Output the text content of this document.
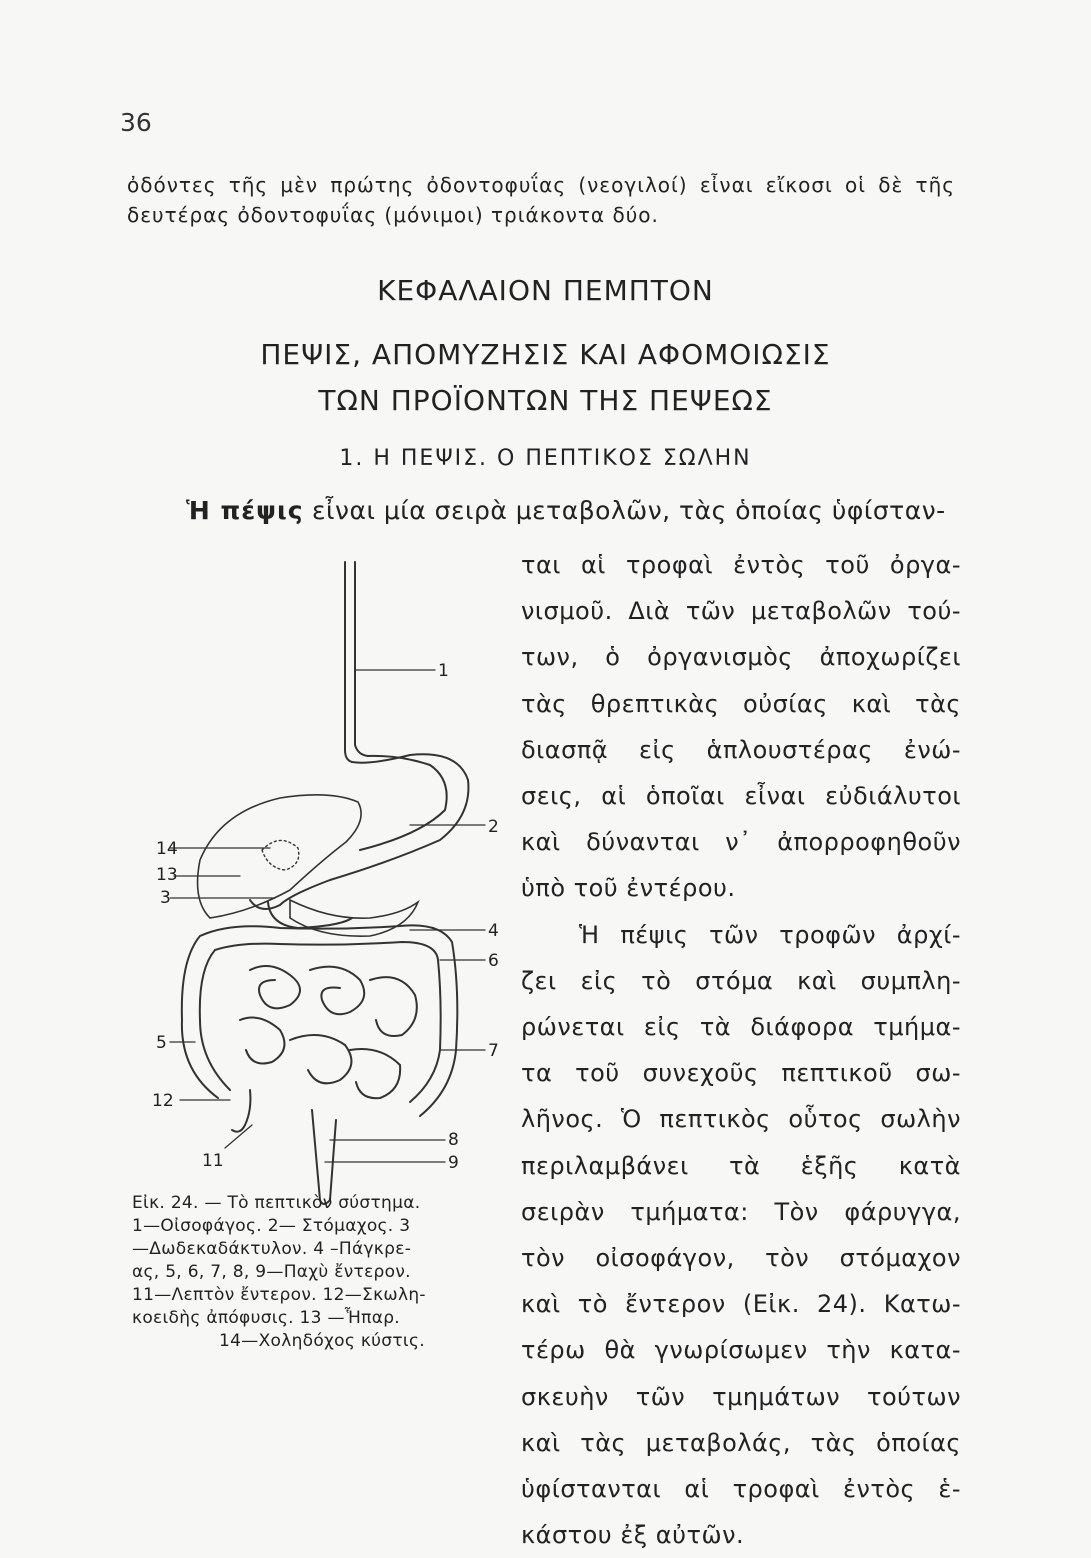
36
ὀδόντες τῆς μὲν πρώτης ὀδοντοφυΐας (νεογιλοί) εἶναι εἴκοσι οἱ δὲ τῆς δευτέρας ὀδοντοφυΐας (μόνιμοι) τριάκοντα δύο.
ΚΕΦΑΛΑΙΟΝ ΠΕΜΠΤΟΝ
ΠΕΨΙΣ, ΑΠΟΜΥΖΗΣΙΣ ΚΑΙ ΑΦΟΜΟΙΩΣΙΣ
ΤΩΝ ΠΡΟΪΟΝΤΩΝ ΤΗΣ ΠΕΨΕΩΣ
1. Η ΠΕΨΙΣ. Ο ΠΕΠΤΙΚΟΣ ΣΩΛΗΝ
Ἡ πέψις εἶναι μία σειρὰ μεταβολῶν, τὰς ὁποίας ὑφίσταν-
ται αἱ τροφαὶ ἐντὸς τοῦ ὀργα-
νισμοῦ. Διὰ τῶν μεταβολῶν τού-
των, ὁ ὀργανισμὸς ἀποχωρίζει
τὰς θρεπτικὰς οὐσίας καὶ τὰς
διασπᾷ εἰς ἁπλουστέρας ἐνώ-
σεις, αἱ ὁποῖαι εἶναι εὐδιάλυτοι
καὶ δύνανται ν᾿ ἀπορροφηθοῦν
ὑπὸ τοῦ ἐντέρου.
Ἡ πέψις τῶν τροφῶν ἀρχί-
ζει εἰς τὸ στόμα καὶ συμπλη-
ρώνεται εἰς τὰ διάφορα τμήμα-
τα τοῦ συνεχοῦς πεπτικοῦ σω-
λῆνος. Ὁ πεπτικὸς οὗτος σωλὴν
περιλαμβάνει τὰ ἑξῆς κατὰ
σειρὰν τμήματα: Τὸν φάρυγγα,
τὸν οἰσοφάγον, τὸν στόμαχον
καὶ τὸ ἔντερον (Εἰκ. 24). Κατω-
τέρω θὰ γνωρίσωμεν τὴν κατα-
σκευὴν τῶν τμημάτων τούτων
καὶ τὰς μεταβολάς, τὰς ὁποίας
ὑφίστανται αἱ τροφαὶ ἐντὸς ἑ-
κάστου ἐξ αὐτῶν.
1
2
14
13
3
4
6
5	7
12
11
8
9
Εἰκ. 24. — Τὸ πεπτικὸν σύστημα.
1—Οἰσοφάγος. 2— Στόμαχος. 3
—Δωδεκαδάκτυλον. 4 –Πάγκρε-
ας, 5, 6, 7, 8, 9—Παχὺ ἔντερον.
11—Λεπτὸν ἔντερον. 12—Σκωλη-
κοειδὴς ἀπόφυσις. 13 —Ἧπαρ.
14—Χοληδόχος κύστις.
